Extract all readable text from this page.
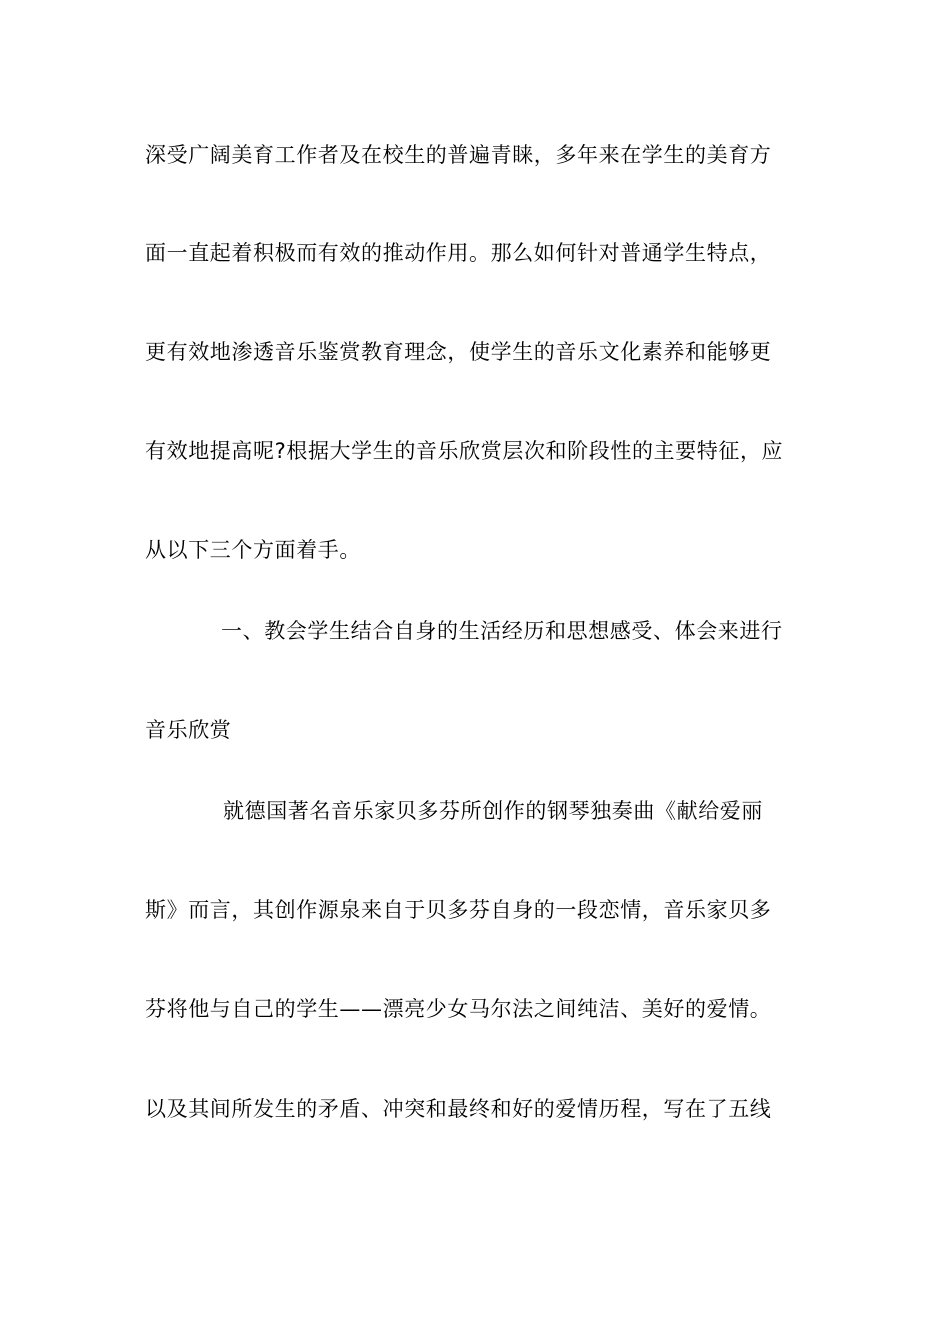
深受广阔美育工作者及在校生的普遍青睐，多年来在学生的美育方
面一直起着积极而有效的推动作用。那么如何针对普通学生特点，
更有效地渗透音乐鉴赏教育理念，使学生的音乐文化素养和能够更
有效地提高呢?根据大学生的音乐欣赏层次和阶段性的主要特征，应
从以下三个方面着手。
一、教会学生结合自身的生活经历和思想感受、体会来进行
音乐欣赏
就德国著名音乐家贝多芬所创作的钢琴独奏曲《献给爱丽
斯》而言，其创作源泉来自于贝多芬自身的一段恋情，音乐家贝多
芬将他与自己的学生——漂亮少女马尔法之间纯洁、美好的爱情。
以及其间所发生的矛盾、冲突和最终和好的爱情历程，写在了五线
